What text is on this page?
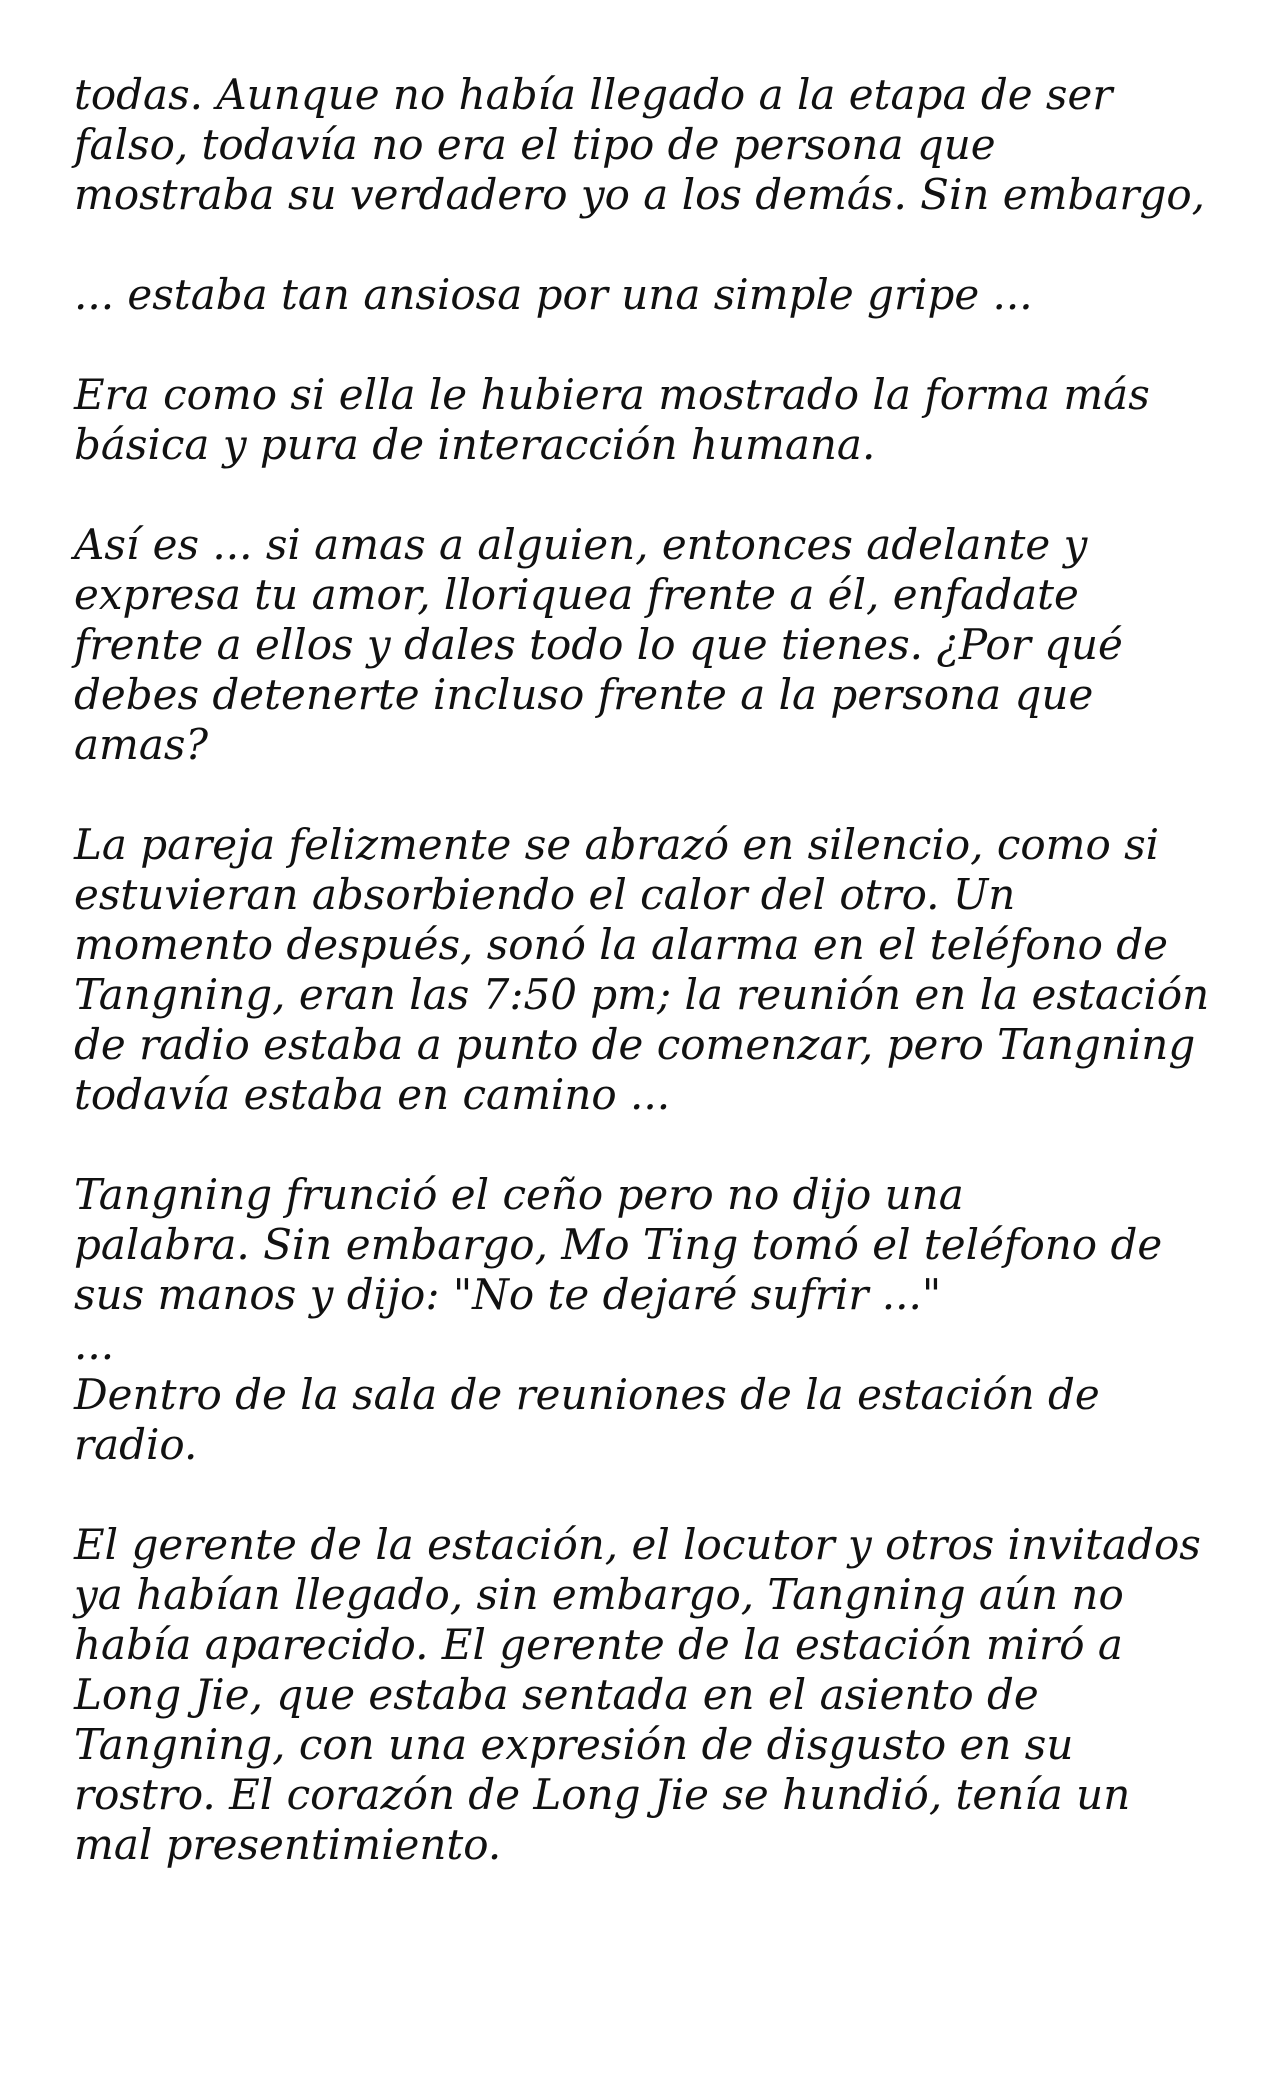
todas. Aunque no había llegado a la etapa de ser
falso, todavía no era el tipo de persona que
mostraba su verdadero yo a los demás. Sin embargo,
... estaba tan ansiosa por una simple gripe ...
Era como si ella le hubiera mostrado la forma más
básica y pura de interacción humana.
Así es ... si amas a alguien, entonces adelante y
expresa tu amor, lloriquea frente a él, enfadate
frente a ellos y dales todo lo que tienes. ¿Por qué
debes detenerte incluso frente a la persona que
amas?
La pareja felizmente se abrazó en silencio, como si
estuvieran absorbiendo el calor del otro. Un
momento después, sonó la alarma en el teléfono de
Tangning, eran las 7:50 pm; la reunión en la estación
de radio estaba a punto de comenzar, pero Tangning
todavía estaba en camino ...
Tangning frunció el ceño pero no dijo una
palabra. Sin embargo, Mo Ting tomó el teléfono de
sus manos y dijo: "No te dejaré sufrir ..."
...
Dentro de la sala de reuniones de la estación de
radio.
El gerente de la estación, el locutor y otros invitados
ya habían llegado, sin embargo, Tangning aún no
había aparecido. El gerente de la estación miró a
Long Jie, que estaba sentada en el asiento de
Tangning, con una expresión de disgusto en su
rostro. El corazón de Long Jie se hundió, tenía un
mal presentimiento.
